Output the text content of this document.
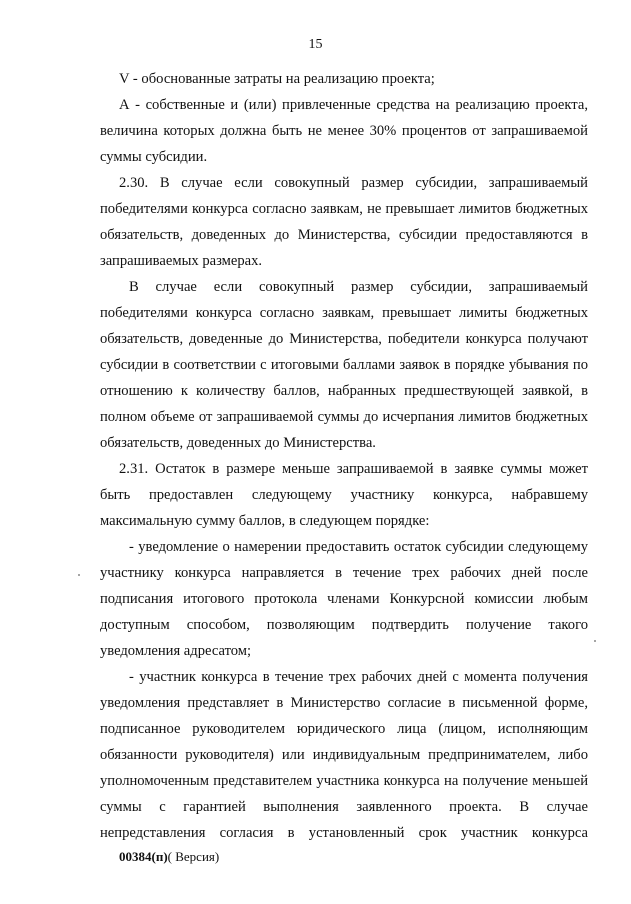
15

V - обоснованные затраты на реализацию проекта;

А - собственные и (или) привлеченные средства на реализацию проекта,

величина которых должна быть не менее 30% процентов от запрашиваемой

суммы субсидии.

2.30. В случае если совокупный размер субсидии, запрашиваемый

победителями конкурса согласно заявкам, не превышает лимитов бюджетных

обязательств, доведенных до Министерства, субсидии предоставляются в

запрашиваемых размерах.

В случае если совокупный размер субсидии, запрашиваемый

победителями конкурса согласно заявкам, превышает лимиты бюджетных

обязательств, доведенные до Министерства, победители конкурса получают

субсидии в соответствии с итоговыми баллами заявок в порядке убывания по

отношению к количеству баллов, набранных предшествующей заявкой, в

полном объеме от запрашиваемой суммы до исчерпания лимитов бюджетных

обязательств, доведенных до Министерства.

2.31. Остаток в размере меньше запрашиваемой в заявке суммы может

быть предоставлен следующему участнику конкурса, набравшему

максимальную сумму баллов, в следующем порядке:

- уведомление о намерении предоставить остаток субсидии следующему

участнику конкурса направляется в течение трех рабочих дней после

подписания итогового протокола членами Конкурсной комиссии любым

доступным способом, позволяющим подтвердить получение такого

уведомления адресатом;

- участник конкурса в течение трех рабочих дней с момента получения

уведомления представляет в Министерство согласие в письменной форме,

подписанное руководителем юридического лица (лицом, исполняющим

обязанности руководителя) или индивидуальным предпринимателем, либо

уполномоченным представителем участника конкурса на получение меньшей

суммы с гарантией выполнения заявленного проекта. В случае

непредставления согласия в установленный срок участник конкурса

00384(п)( Версия)
